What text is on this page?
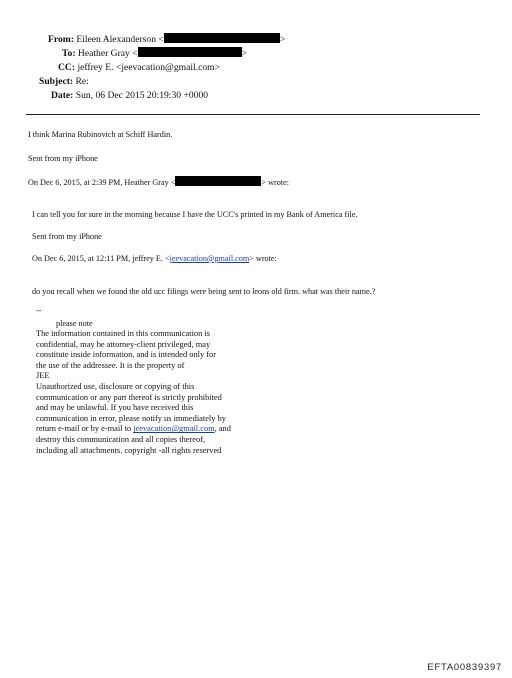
From: Eileen Alexanderson <	>
To: Heather Gray <	>
CC: jeffrey E. <jeevacation@gmail.com>
Subject: Re:
Date: Sun, 06 Dec 2015 20:19:30 +0000
I think Marina Rubinovich at Schiff Hardin.
Sent from my iPhone
On Dec 6, 2015, at 2:39 PM, Heather Gray <	> wrote:
I can tell you for sure in the morning because I have the UCC's printed in my Bank of America file.
Sent from my iPhone
On Dec 6, 2015, at 12:11 PM, jeffrey E. <jeevacation@gmail.com> wrote:
do you recall when we found the old ucc filings were being sent to leons old firm. what was their name.?
--
please note
The information contained in this communication is
confidential, may be attorney-client privileged, may
constitute inside information, and is intended only for
the use of the addressee. It is the property of
JEE
Unauthorized use, disclosure or copying of this
communication or any part thereof is strictly prohibited
and may be unlawful. If you have received this
communication in error, please notify us immediately by
return e-mail or by e-mail to jeevacation@gmail.com, and
destroy this communication and all copies thereof,
including all attachments. copyright -all rights reserved
EFTA00839397
